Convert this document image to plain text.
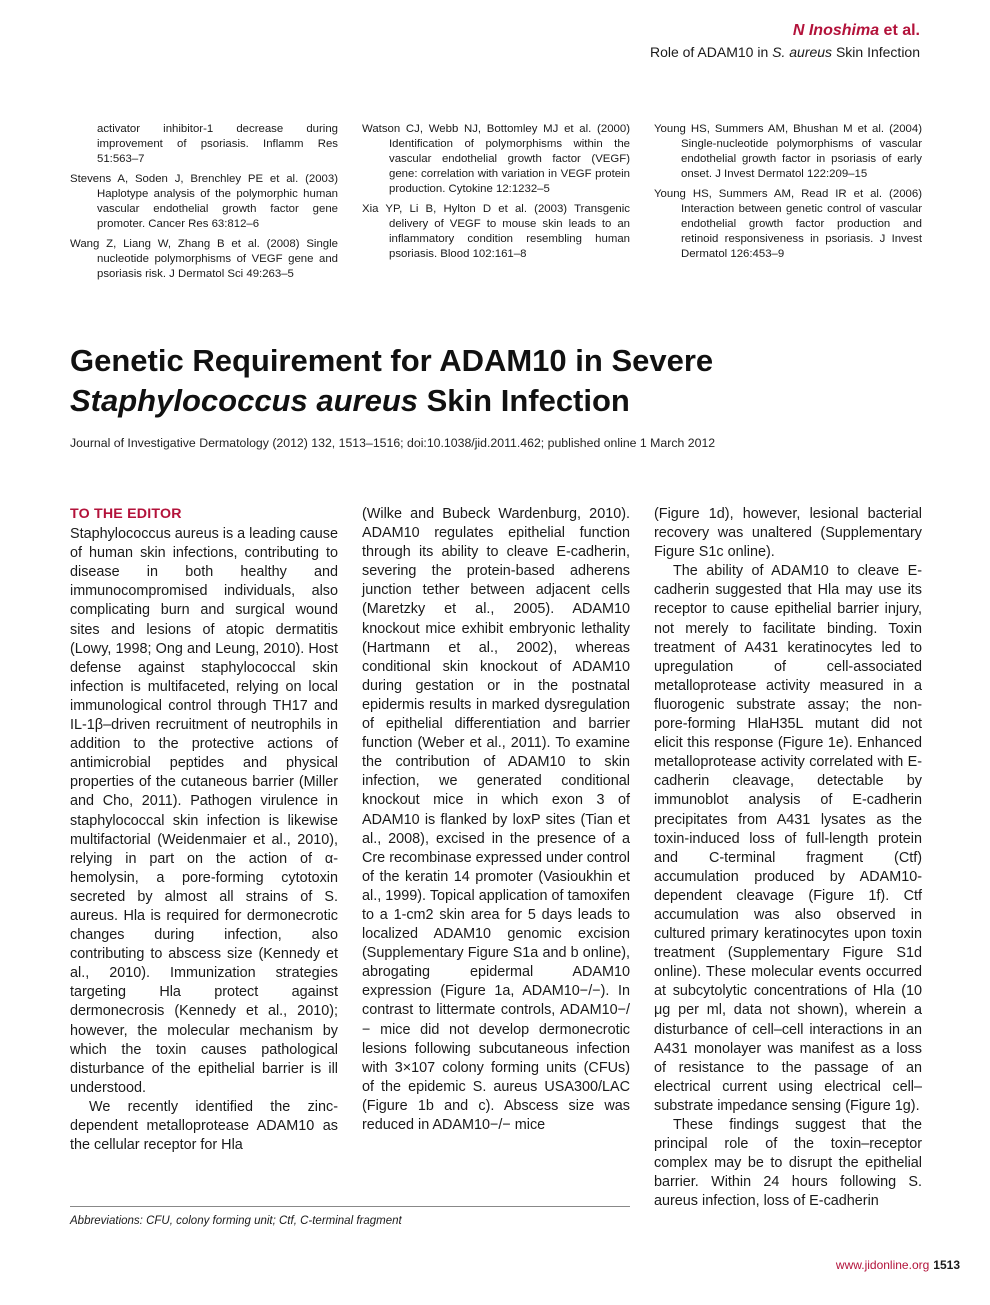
N Inoshima et al.
Role of ADAM10 in S. aureus Skin Infection

activator inhibitor-1 decrease during improvement of psoriasis. Inflamm Res 51:563–7

Stevens A, Soden J, Brenchley PE et al. (2003) Haplotype analysis of the polymorphic human vascular endothelial growth factor gene promoter. Cancer Res 63:812–6

Wang Z, Liang W, Zhang B et al. (2008) Single nucleotide polymorphisms of VEGF gene and psoriasis risk. J Dermatol Sci 49:263–5

Watson CJ, Webb NJ, Bottomley MJ et al. (2000) Identification of polymorphisms within the vascular endothelial growth factor (VEGF) gene: correlation with variation in VEGF protein production. Cytokine 12:1232–5

Xia YP, Li B, Hylton D et al. (2003) Transgenic delivery of VEGF to mouse skin leads to an inflammatory condition resembling human psoriasis. Blood 102:161–8

Young HS, Summers AM, Bhushan M et al. (2004) Single-nucleotide polymorphisms of vascular endothelial growth factor in psoriasis of early onset. J Invest Dermatol 122:209–15

Young HS, Summers AM, Read IR et al. (2006) Interaction between genetic control of vascular endothelial growth factor production and retinoid responsiveness in psoriasis. J Invest Dermatol 126:453–9

Genetic Requirement for ADAM10 in Severe
Staphylococcus aureus Skin Infection
Journal of Investigative Dermatology (2012) 132, 1513–1516; doi:10.1038/jid.2011.462; published online 1 March 2012
TO THE EDITOR

Staphylococcus aureus is a leading cause of human skin infections, contributing to disease in both healthy and immunocompromised individuals, also complicating burn and surgical wound sites and lesions of atopic dermatitis (Lowy, 1998; Ong and Leung, 2010). Host defense against staphylococcal skin infection is multifaceted, relying on local immunological control through TH17 and IL-1β–driven recruitment of neutrophils in addition to the protective actions of antimicrobial peptides and physical properties of the cutaneous barrier (Miller and Cho, 2011). Pathogen virulence in staphylococcal skin infection is likewise multifactorial (Weidenmaier et al., 2010), relying in part on the action of α-hemolysin, a pore-forming cytotoxin secreted by almost all strains of S. aureus. Hla is required for dermonecrotic changes during infection, also contributing to abscess size (Kennedy et al., 2010). Immunization strategies targeting Hla protect against dermonecrosis (Kennedy et al., 2010); however, the molecular mechanism by which the toxin causes pathological disturbance of the epithelial barrier is ill understood.

We recently identified the zinc-dependent metalloprotease ADAM10 as the cellular receptor for Hla

(Wilke and Bubeck Wardenburg, 2010). ADAM10 regulates epithelial function through its ability to cleave E-cadherin, severing the protein-based adherens junction tether between adjacent cells (Maretzky et al., 2005). ADAM10 knockout mice exhibit embryonic lethality (Hartmann et al., 2002), whereas conditional skin knockout of ADAM10 during gestation or in the postnatal epidermis results in marked dysregulation of epithelial differentiation and barrier function (Weber et al., 2011). To examine the contribution of ADAM10 to skin infection, we generated conditional knockout mice in which exon 3 of ADAM10 is flanked by loxP sites (Tian et al., 2008), excised in the presence of a Cre recombinase expressed under control of the keratin 14 promoter (Vasioukhin et al., 1999). Topical application of tamoxifen to a 1-cm2 skin area for 5 days leads to localized ADAM10 genomic excision (Supplementary Figure S1a and b online), abrogating epidermal ADAM10 expression (Figure 1a, ADAM10−/−). In contrast to littermate controls, ADAM10−/− mice did not develop dermonecrotic lesions following subcutaneous infection with 3×107 colony forming units (CFUs) of the epidemic S. aureus USA300/LAC (Figure 1b and c). Abscess size was reduced in ADAM10−/− mice

(Figure 1d), however, lesional bacterial recovery was unaltered (Supplementary Figure S1c online).

The ability of ADAM10 to cleave E-cadherin suggested that Hla may use its receptor to cause epithelial barrier injury, not merely to facilitate binding. Toxin treatment of A431 keratinocytes led to upregulation of cell-associated metalloprotease activity measured in a fluorogenic substrate assay; the non-pore-forming HlaH35L mutant did not elicit this response (Figure 1e). Enhanced metalloprotease activity correlated with E-cadherin cleavage, detectable by immunoblot analysis of E-cadherin precipitates from A431 lysates as the toxin-induced loss of full-length protein and C-terminal fragment (Ctf) accumulation produced by ADAM10-dependent cleavage (Figure 1f). Ctf accumulation was also observed in cultured primary keratinocytes upon toxin treatment (Supplementary Figure S1d online). These molecular events occurred at subcytolytic concentrations of Hla (10 μg per ml, data not shown), wherein a disturbance of cell–cell interactions in an A431 monolayer was manifest as a loss of resistance to the passage of an electrical current using electrical cell–substrate impedance sensing (Figure 1g).

These findings suggest that the principal role of the toxin–receptor complex may be to disrupt the epithelial barrier. Within 24 hours following S. aureus infection, loss of E-cadherin

Abbreviations: CFU, colony forming unit; Ctf, C-terminal fragment
www.jidonline.org 1513
